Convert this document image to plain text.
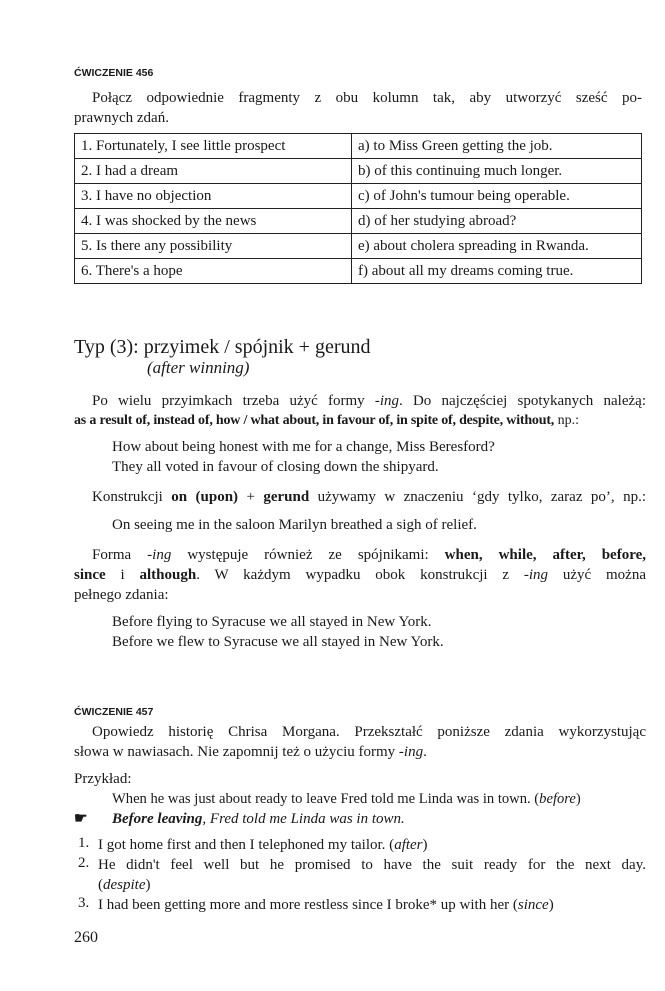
ĆWICZENIE 456
Połącz odpowiednie fragmenty z obu kolumn tak, aby utworzyć sześć po-
prawnych zdań.
1. Fortunately, I see little prospect	a) to Miss Green getting the job.
2. I had a dream	b) of this continuing much longer.
3. I have no objection	c) of John's tumour being operable.
4. I was shocked by the news	d) of her studying abroad?
5. Is there any possibility	e) about cholera spreading in Rwanda.
6. There's a hope	f) about all my dreams coming true.
Typ (3): przyimek / spójnik + gerund
(after winning)
Po wielu przyimkach trzeba użyć formy -ing. Do najczęściej spotykanych należą:
as a result of, instead of, how / what about, in favour of, in spite of, despite, without, np.:
How about being honest with me for a change, Miss Beresford?
They all voted in favour of closing down the shipyard.
Konstrukcji on (upon) + gerund używamy w znaczeniu ‘gdy tylko, zaraz po’, np.:
On seeing me in the saloon Marilyn breathed a sigh of relief.
Forma -ing występuje również ze spójnikami: when, while, after, before,
since i although. W każdym wypadku obok konstrukcji z -ing użyć można
pełnego zdania:
Before flying to Syracuse we all stayed in New York.
Before we flew to Syracuse we all stayed in New York.
ĆWICZENIE 457
Opowiedz historię Chrisa Morgana. Przekształć poniższe zdania wykorzystując
słowa w nawiasach. Nie zapomnij też o użyciu formy -ing.
Przykład:
When he was just about ready to leave Fred told me Linda was in town. (before)
☛ Before leaving, Fred told me Linda was in town.
1. I got home first and then I telephoned my tailor. (after)
2. He didn't feel well but he promised to have the suit ready for the next day.
(despite)
3. I had been getting more and more restless since I broke* up with her (since)
260
